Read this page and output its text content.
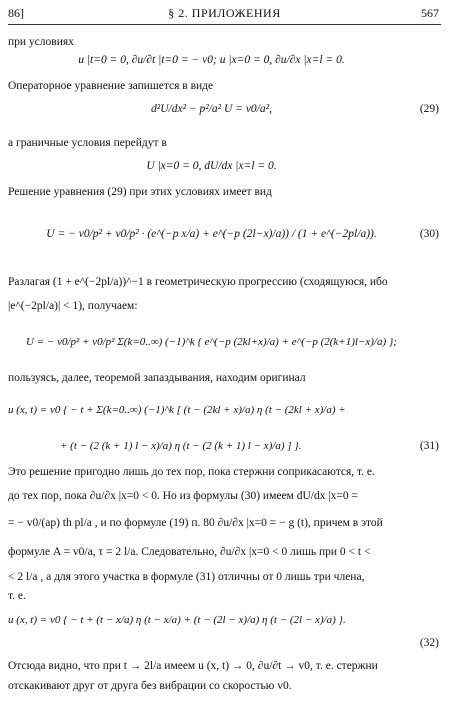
86]	§ 2. ПРИЛОЖЕНИЯ	567
при условиях
u |t=0 = 0, ∂u/∂t |t=0 = − v0; u |x=0 = 0, ∂u/∂x |x=l = 0.
Операторное уравнение запишется в виде
d²U/dx² − p²/a² U = v0/a²,	(29)
а граничные условия перейдут в
U |x=0 = 0, dU/dx |x=l = 0.
Решение уравнения (29) при этих условиях имеет вид
U = − v0/p² + v0/p² · (e^(−p x/a) + e^(−p (2l−x)/a)) / (1 + e^(−2pl/a)).	(30)
Разлагая (1 + e^(−2pl/a))^−1 в геометрическую прогрессию (сходящуюся, ибо
|e^(−2pl/a)| < 1), получаем:
U = − v0/p² + v0/p² Σ(k=0..∞) (−1)^k { e^(−p (2kl+x)/a) + e^(−p (2(k+1)l−x)/a) };
пользуясь, далее, теоремой запаздывания, находим оригинал
u (x, t) = v0 { − t + Σ(k=0..∞) (−1)^k [ (t − (2kl + x)/a) η (t − (2kl + x)/a) +
+ (t − (2 (k + 1) l − x)/a) η (t − (2 (k + 1) l − x)/a) ] }.	(31)
Это решение пригодно лишь до тех пор, пока стержни соприкасаются, т. е.
до тех пор, пока ∂u/∂x |x=0 < 0. Но из формулы (30) имеем dU/dx |x=0 =
= − v0/(ap) th pl/a , и по формуле (19) п. 80 ∂u/∂x |x=0 = − g (t), причем в этой
формуле A = v0/a, τ = 2 l/a. Следовательно, ∂u/∂x |x=0 < 0 лишь при 0 < t <
< 2 l/a , а для этого участка в формуле (31) отличны от 0 лишь три члена,
т. е.
u (x, t) = v0 { − t + (t − x/a) η (t − x/a) + (t − (2l − x)/a) η (t − (2l − x)/a) }.
(32)
Отсюда видно, что при t → 2l/a имеем u (x, t) → 0, ∂u/∂t → v0, т. е. стержни
отскакивают друг от друга без вибрации со скоростью v0.
